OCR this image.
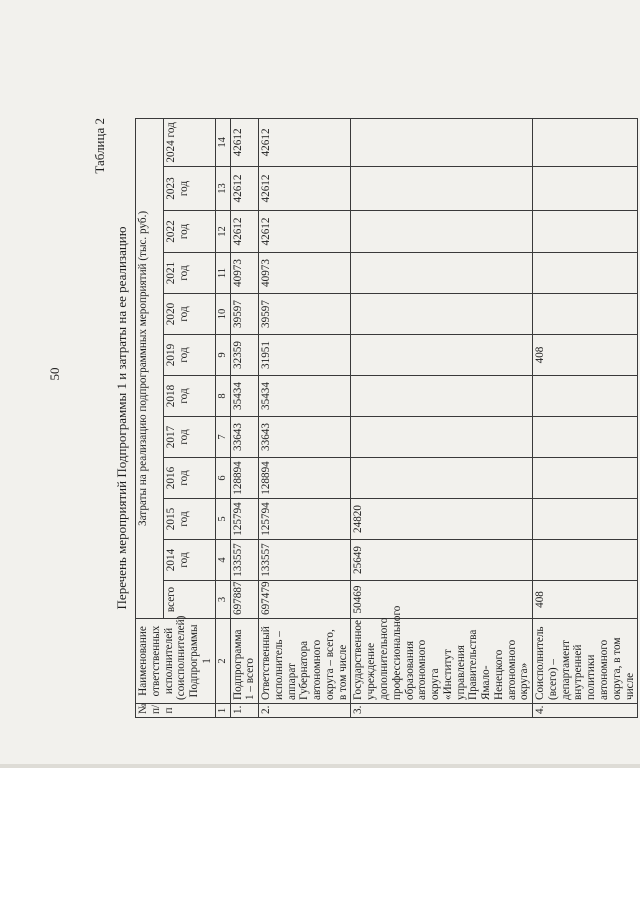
50
Таблица 2
Перечень мероприятий Подпрограммы 1 и затраты на ее реализацию
№ п/п	Наименование ответственных исполнителей (соисполнителей) Подпрограммы 1	Затраты на реализацию подпрограммных мероприятий (тыс. руб.)											
		всего	2014 год	2015 год	2016 год	2017 год	2018 год	2019 год	2020 год	2021 год	2022 год	2023 год	2024 год
1	2	3	4	5	6	7	8	9	10	11	12	13	14
1.	Подпрограмма 1 – всего	697887	133557	125794	128894	33643	35434	32359	39597	40973	42612	42612	42612
2.	Ответственный исполнитель – аппарат Губернатора автономного округа – всего, в том числе	697479	133557	125794	128894	33643	35434	31951	39597	40973	42612	42612	42612
3.	Государственное учреждение дополнительного профессионального образования автономного округа «Институт управления Правительства Ямало-Ненецкого автономного округа»	50469	25649	24820									
4.	Соисполнитель (всего) – департамент внутренней политики автономного округа, в том числе	408						408					
